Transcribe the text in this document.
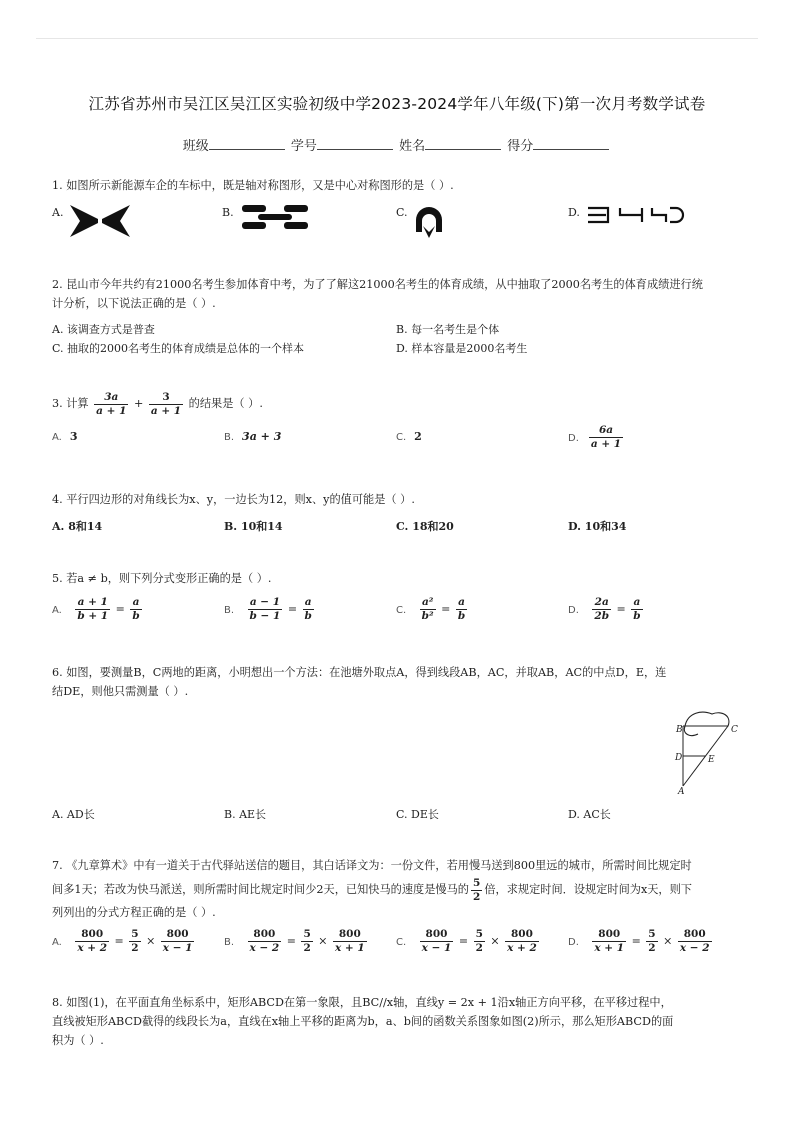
江苏省苏州市吴江区吴江区实验初级中学2023-2024学年八年级(下)第一次月考数学试卷
班级	学号	姓名	得分
1. 如图所示新能源车企的车标中，既是轴对称图形，又是中心对称图形的是（ ）.
A.	B.	C.	D.
2. 昆山市今年共约有21000名考生参加体育中考，为了了解这21000名考生的体育成绩，从中抽取了2000名考生的体育成绩进行统
计分析，以下说法正确的是（ ）.
A. 该调查方式是普查	B. 每一名考生是个体
C. 抽取的2000名考生的体育成绩是总体的一个样本	D. 样本容量是2000名考生
3. 计算 $\frac{3a}{a + 1} + \frac{3}{a + 1}$ 的结果是（ ）.
A. 3	B. 3a + 3	C. 2	D. $\frac{6a}{a + 1}$
4. 平行四边形的对角线长为x、y，一边长为12，则x、y的值可能是（ ）.
A. 8和14	B. 10和14	C. 18和20	D. 10和34
5. 若a ≠ b，则下列分式变形正确的是（ ）.
A. $\frac{a + 1}{b + 1} = \frac{a}{b}$	B. $\frac{a - 1}{b - 1} = \frac{a}{b}$	C. $\frac{\text{a²}}{\text{b²}} = \frac{a}{b}$	D. $\frac{2a}{2b} = \frac{a}{b}$
6. 如图，要测量B，C两地的距离，小明想出一个方法：在池塘外取点A，得到线段AB，AC，并取AB，AC的中点D，E，连
结DE，则他只需测量（ ）.
B	C
D	E
A
A. AD长	B. AE长	C. DE长	D. AC长
7. 《九章算术》中有一道关于古代驿站送信的题目，其白话译文为：一份文件，若用慢马送到800里远的城市，所需时间比规定时
间多1天；若改为快马派送，则所需时间比规定时间少2天，已知快马的速度是慢马的 $\frac{5}{2}$ 倍，求规定时间．设规定时间为x天，则下
列列出的分式方程正确的是（ ）.
A. $\frac{800}{x + 2} = \frac{5}{2} \times \frac{800}{x - 1}$	B. $\frac{800}{x - 2} = \frac{5}{2} \times \frac{800}{x + 1}$	C. $\frac{800}{x - 1} = \frac{5}{2} \times \frac{800}{x + 2}$	D. $\frac{800}{x + 1} = \frac{5}{2} \times \frac{800}{x - 2}$
8. 如图(1)，在平面直角坐标系中，矩形ABCD在第一象限，且BC//x轴，直线y = 2x + 1沿x轴正方向平移，在平移过程中，
直线被矩形ABCD截得的线段长为a，直线在x轴上平移的距离为b，a、b间的函数关系图象如图(2)所示，那么矩形ABCD的面
积为（ ）.
